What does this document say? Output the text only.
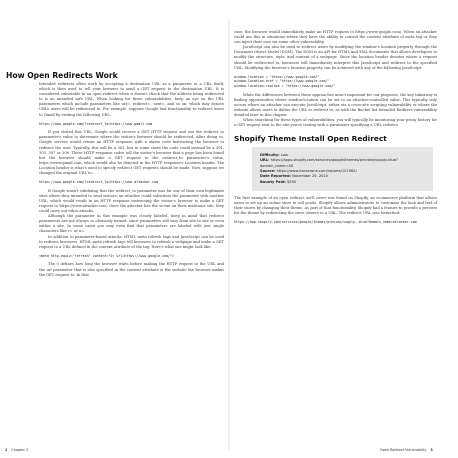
How Open Redirects Work

Intended redirects often work by accepting a destination URL as a parameter in a URL itself, which is then used to tell your browser to send a GET request to the destination URL. It is considered vulnerable to an open redirect when it doesn't check that the address being redirected to is an intended safe URL. When looking for these vulnerabilities, keep an eye on the URL parameters which include parameters like url=, redirect=, next=, and so on, which may denote URLs users will be redirected to. For example, suppose Google had functionality to redirect users to Gmail by visiting the following URL:

https://www.google.com/?redirect_to=https://www.gmail.com

If you visited this URL, Google would receive a GET HTTP request and use the redirect_to parameter's value to determine where the visitor's browser should be redirected. After doing so, Google servers would return an HTTP response with a status code instructing the browser to redirect the user. Typically, this will be a 302, but in some cases the code could instead be a 301, 303, 307 or 308. These HTTP response codes tell the visitor's browser that a page has been found but the browser should make a GET request to the redirect_to parameter's value, https://www.gmail.com, which would also be denoted in the HTTP response's Location header. The Location header is what's used to specify redirect GET requests should be made. Now, suppose we changed the original URL to:

https://www.google.com/?redirect_to=https://www.attacker.com

If Google wasn't validating that the redirect_to parameter was for one of their own legitimate sites where they intended to send visitors, an attacker could substitute the parameter with another URL, which would result in an HTTP response instructing the visitor's browser to make a GET request to https://www.attacker.com. Once the attacker has the victim on their malicious site, they could carry out other attacks.

Although the parameter in this example was clearly labeled, keep in mind that redirect parameters are not always so obviously named, since parameters will vary from site to site or even within a site. In some cases you may even find that parameters are labeled with just single characters like r= or u=.

In addition to parameter-based attacks, HTML meta refresh tags and JavaScript can be used to redirect browsers. HTML meta refresh tags tell browsers to refresh a webpage and make a GET request to a URL defined in the content attribute of the tag. Here's what one might look like:

<meta http-equiv="refresh" content="0; url=https://www.google.com/">

The 0 defines how long the browser waits before making the HTTP request to the URL and the url parameter that is also specified in the content attribute is the website the browser makes the GET request to. In that

case, the browser would immediately make an HTTP request to https://www.google.com/. When an attacker could use this in situations where they have the ability to control the content attribute of meta tag or they can inject their own via some other vulnerability.

JavaScript can also be used to redirect users by modifying the window's location property through the Document Object Model (DOM). The DOM is an API for HTML and XML documents that allows developers to modify the structure, style, and content of a webpage. Since the location header denotes where a request should be redirected to, browsers will immediately interpret this JavaScript and redirect to the specified URL. Modifying the browser's location property can be achieved with any of the following JavaScript:

window.location = "https://www.google.com/"
window.location.href = "https://www.google.com/"
window.location.replace = "https://www.google.com/"

While the differences between these approaches aren't important for our purposes, the key takeaway is finding opportunities where window.location can be set to an attacker-controlled value. This typically only occurs where an attacker can execute JavaScript, either via a cross-site scripting vulnerability or where the website allows users to define the URL to redirect to, as with the Bucket list Intended Redirect vulnerability detailed later in this chapter.

When searching for these types of vulnerabilities, you will typically be monitoring your proxy history for a GET request sent to the site you're testing with a parameter specifying a URL redirect.

Shopify Theme Install Open Redirect
Difficulty: Low
URL: https://apps.shopify.com/services/google/themes/preview/supply-blue?domain_name=XX
Source: https://www.hackerone.com/reports/101962/
Date Reported: November 25, 2015
Bounty Paid: $500

The first example of an open redirect we'll cover was found on Shopify, an ecommerce platform that allows users to set up an online store to sell goods. Shopify allows administrators to customize the look and feel of their stores by changing their theme. As part of that functionality, Shopify had a feature to provide a preview for the theme by redirecting the store owners to a URL. The redirect URL was formatted:

https://app.shopify.com/services/google/themes/preview/supply--blue?domain_name=attacker.com
2 Chapter 2	Open Redirect Vulnerability 3
